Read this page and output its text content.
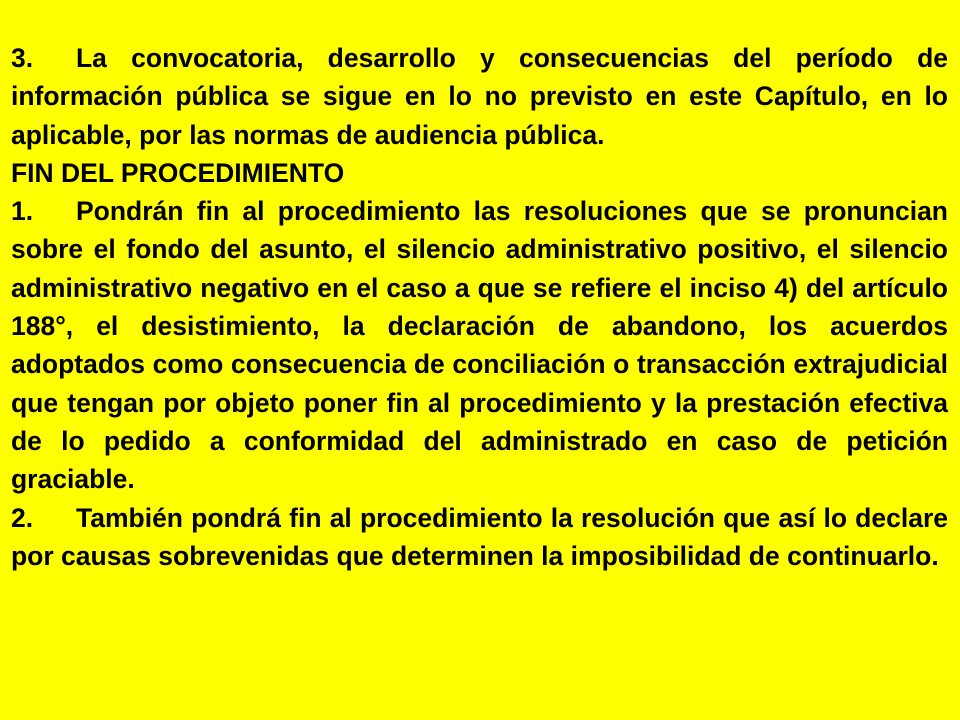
3. La convocatoria, desarrollo y consecuencias del período de información pública se sigue en lo no previsto en este Capítulo, en lo aplicable, por las normas de audiencia pública.

FIN DEL PROCEDIMIENTO

1. Pondrán fin al procedimiento las resoluciones que se pronuncian sobre el fondo del asunto, el silencio administrativo positivo, el silencio administrativo negativo en el caso a que se refiere el inciso 4) del artículo 188°, el desistimiento, la declaración de abandono, los acuerdos adoptados como consecuencia de conciliación o transacción extrajudicial que tengan por objeto poner fin al procedimiento y la prestación efectiva de lo pedido a conformidad del administrado en caso de petición graciable.

2. También pondrá fin al procedimiento la resolución que así lo declare por causas sobrevenidas que determinen la imposibilidad de continuarlo.
